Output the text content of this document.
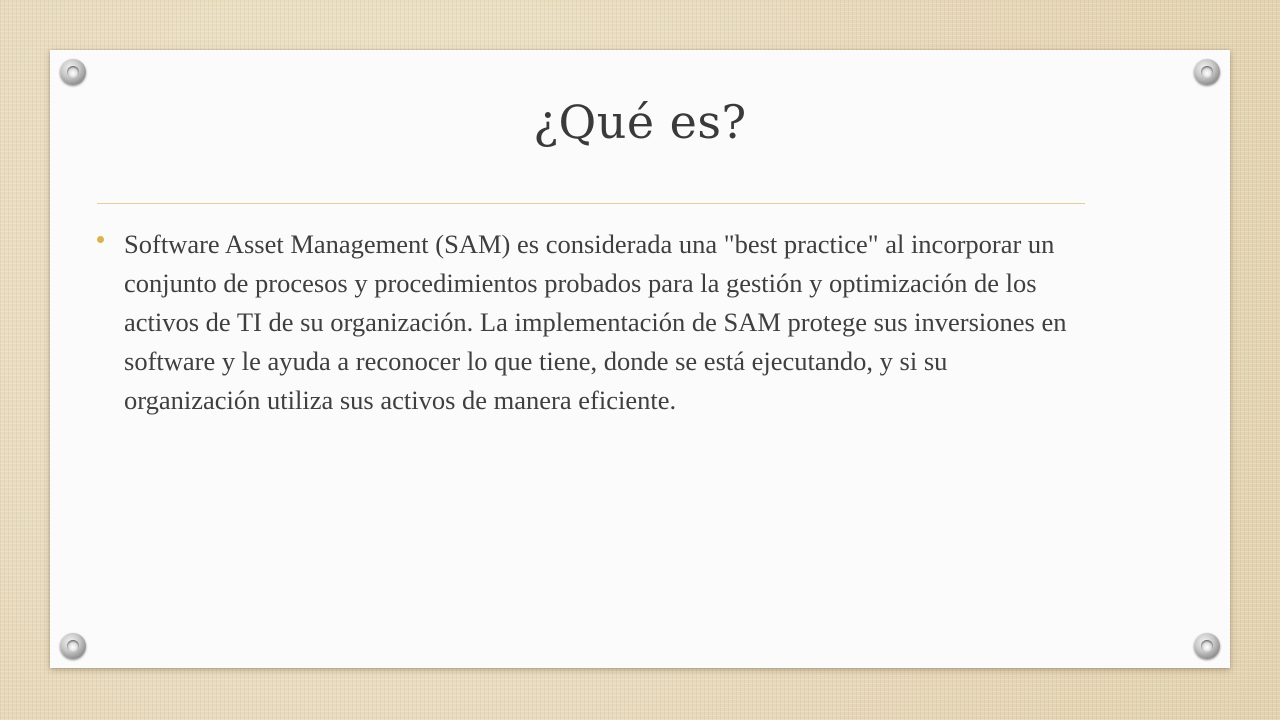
¿Qué es?

Software Asset Management (SAM) es considerada una "best practice" al incorporar un conjunto de procesos y procedimientos probados para la gestión y optimización de los activos de TI de su organización. La implementación de SAM protege sus inversiones en software y le ayuda a reconocer lo que tiene, donde se está ejecutando, y si su organización utiliza sus activos de manera eficiente.
